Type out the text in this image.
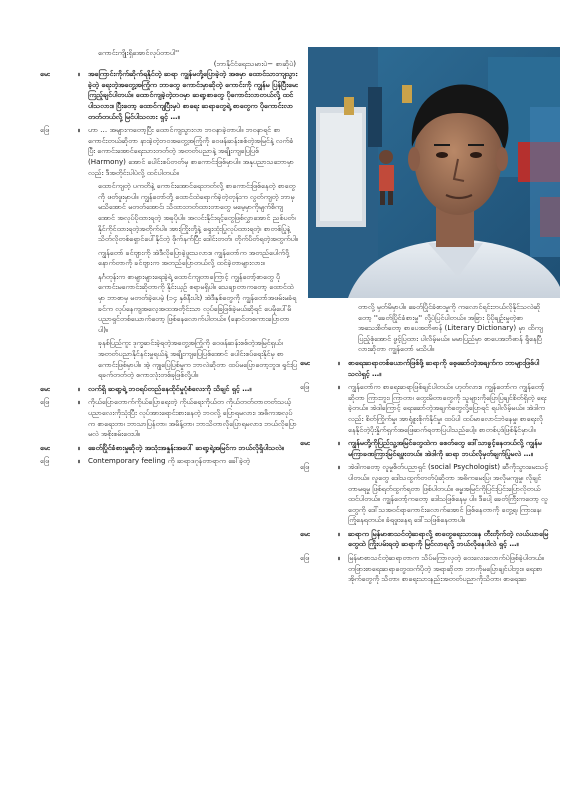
ကောင်းကျိုးရှိအောင်လုပ်တာပါ''
(ဘာနိုင်ငံရေးသမားပဲ− စာဆိုပဲ)
မေး	။ အကြောင်းကိုက်ဆိုက်ရနိုင်တဲ့ ဆရာ ကျွန်မတို့ပြောခဲ့တဲ့ အစမှာ ထောင်သားကျသွားခဲ့တဲ့ ရေးတဲ့အတွေ့အကြုံက ဘာတွေ ကောင်းမှာဆိုတဲ့ ကောင်းကို ကျွန်မ ပြန်ပြီးမေးကြည့်ချင်ပါတယ်။ ထောင်ကျခဲ့တဲ့ဘဝမှာ ဆရာ့စာတွေ ပိုကောင်းလာတယ်လို့ ထင်ပါသလား။ ပြီးတော့ ထောင်ကျပြီးမှပဲ စာရေး ဆရာတွေရဲ့ စာတွေက ပိုကောင်းလာတတ်တယ်လို့ မြင်ပါသလား ရှင့် …။
ဖြေ	။ ဟာ … အများကတော့ပြီး ထောင်ကျသွားလာ ဘဝနာခဲ့တာပါ။ ဘဝနာရင် စာကောင်းတယ်ဆိုတာ နားခဲ့တဲ့ဘဝအတွေ့အကြုံကို ဝေဖန်ဆန်းစစ်တဲ့အမြင်နဲ့ လက်ခံပြီး ကောင်းအောင်ရေးသားတတ်တဲ့ အတတ်ပညာနဲ့ အချိုးကျပြေပြစ် (Harmony) အောင် ပေါင်းစပ်တတ်မှ စာကောင်းဖြစ်မှာပါ။ အနုပညာသဘောမှာလည်း ဒီအတိုင်းပါပဲလို့ ထင်ပါတယ်။
ထောင်ကျတဲ့ ပကတိနဲ့ ကောင်းအောင်ရေးတတ်လို့ စာကောင်းဖြစ်နေတဲ့ စာတွေကို ဖတ်ဖူးမှာပါ။ ကျွန်တော်တို့ ထောင်ထဲရောက်ခဲ့တဲ့တုန်းက လွတ်ကျတဲ့ ဘာမှမသိအောင် မတတ်အောင်၊ သိထားတတ်ထားတာတွေ မမေ့မှာကိုမျက်စိကျအောင် အလုပ်ပိုထားရတဲ့ အခုပိုပါ။ အလင်းနိုင်းရင့်တွေဖြစ်လွှာအောင် ညစ်ပတ်၊ နိုင်ကိုင်ထားရတဲ့အတိုက်ပါ။ အားကြိုးတို့နဲ့ ရှေးထုံးပြုလုပ်ထားရတဲ့၊ စာတစ်ပြုနဲ့ သိတ်လိုတစ်ရှောင်ပေါ်နိုင်တဲ့ ဖိုက်နက်ပြီး ဒေါင်းတတ်၊ တိုက်ပိတ်ရတဲ့အတွက်ပါ။
ကျွန်တော် ခင်ဗျားကို အဲဒီလိုပြောခဲ့ဖူးသလား။ ကျွန်တော်က အတည်ပေါက်ဝို့ နောက်တာကို ခင်ဗျားက အတည်ပြောတယ်လို့ ထင်ခဲ့တာများလား။
နင်္ဂတုန်းက စာများများရေးခဲ့ရဲ့ ထောင်ကျတာကြောင့် ကျွန်တော့်စာတွေ ပိုကောင်းမကောင်းဆိုတာကို နိုင်းယှဉ် စရာမရှိပါ။ သေချာတာကတော့ ထောင်ထဲမှာ ဘာစာမှ မတတ်ခဲ့ပေမဲ့ (၁၄ နှစ်နီးပါး) အဲဒီနှစ်တွေကို ကျွန်တော်အဖမ်းမခံရခင်က လုပ်နေကျအလေ့အထအတိုင်းသာ လုပ်ခြေဖြစ်ခဲ့မယ်ဆိုရင် ပေမိုပေါ်မိပညာရှင်တစ်ယောက်တော့ ဖြစ်နေလောက်ပါတယ်။ (နောင်တစကားပြောတာပါ)။
ခုနစ်ပြည်ကူး ဒုက္ခဆင်းခဲ့ရတဲ့အတွေ့အကြုံကို ဝေဖန်ဆန်းစစ်တဲ့အမြင်ရှယ်၊ အတတ်ပညာနိုင်နင်းမှုရယ်နဲ့ အချိုးကျပြေပြစ်အောင် ပေါင်းစပ်ရေးနိုင်မှ စာကောင်းဖြစ်မှာပါ။ အဲ့ ကျုပြေပြစ်မှုက ဘာလဲဆိုတာ ထပ်မပြောတော့ဘူး။ ရှင်းပြရခက်တတ်တဲ့ စကားလုံးတစ်ခုဖြစ်လို့ပါ။
မေး	။ လက်ရှိ ဆရာ့ရဲ့ ဘဝရပ်တည်နေထိုင်မှုပုံစံလေးကို သိချင် ရှင့် …။
ဖြေ	။ ကိုယ်ပြောတောက်ကိုယ်ပြောရေးတဲ့ ကိုယ်ရေးကိုယ်တ ကိုယ်တတ်တာတတ်သယ့်ပညာလေးကိုသုံးပြီး လုပ်အားရောင်းစားနေတဲ့ ဘဝလို့ ပြောရမလား၊ အဓိကအလုပ်က စာရေးတာ၊ ဘာသာပြန်တာ၊ အမိန့်တာ၊ ဘာသိတာလိုပြောရမလား၊ ဘယ်လိုပြောမလဲ အစိုးစမ်းဝေးပါ။
မေး	။ ခေတ်ပြိုင်ခံစားမှုဆိုတဲ့ အသုံးအနှုန်းအပေါ် ဆရာ့ရဲ့အမြင်က ဘယ်လိုရှိပါသလဲ။
ဖြေ	။ Contemporary feeling ကို ဆရာဒဂုန်တာရာက ခေါ်ခဲ့တဲ့
တာလို့ မှတ်မိမှာပါ။ ခေတ်ပြိုင်ခံစားမှုကို ကလောင်ရင်းဘယ်လိုနိုင်သလဲဆိုတော့ ''ခေတ်ပြိုင်ခံစားမှု'' လို့ပဲပြင်ပါတယ်။ အခြား ပိုပိုချဉ်းမှုတဲ့စာ အသေးစိတ်တော့ စာပေအဘိဓာန် (Literary Dictionary) မှာ ထိကျပြည့်စုံအောင် ဖွင့်ပြထား ပါလိမ့်မယ်။ မမာပြည်မှာ စာပေအဘိဓာန် ရှိနေပြီလားဆိုတာ ကျွန်တော် မသိပါ။
မေး	။ စာရေးဆရာတစ်ယောက်ဖြစ်ဖို့ ဆရာကို စေ့ဆော်တဲ့အချက်က ဘာများဖြစ်ပါသလဲရှင့် …။
ဖြေ	။ ကျွန်တော်က စာရေးဆရာဖြစ်ချင်ပါတယ်။ ဟုတ်လား။ ကျွန်တော်က ကျွန်တော့်ဆိုတာ ကြားဘူး၊ ကြာတာ၊ တွေးမိတာတွေကို သူများကိုပြောပြချင်စိတ်ရှိတဲ့ ရေးခဲ့တယ်။ အဲဒါကြောင့် ရေးဆော်တဲ့အချက်တွေလို့ပြောရင် ရပါလိမ့်မယ်။ အဲဒါကလည်း စိတ်ကြိုက်မှု၊ အာရုံစူးစိုက်နိုင်မှု၊ ထပ်ပါ ထပ်မာလောင်ဘဲနေမှု၊ စာရေးလိုနေနိုင်တဲ့ပိုးနှိုက်ရှက်အဖြေဆက်ရတာပြပါသည်ပေါ့။ စာတစ်ပုဒ်ဖြစ်နိုင်မှာပါ။
မေး	။ ကျွန်မတို့ကိုပြည်သူ့အမြင်တွေထဲက စေတ်တွေ ဒေါ်သာခွင့်နေတယ်လို့ ကျွန်မ မကြာခဏကြားမြင်ရဖူးတယ်။ အဲဒါကို ဆရာ ဘယ်လိုမှတ်ချက်ပြုမလဲ …။
ဖြေ	။ အဲဒါကတော့ လူမှုစိတ်ပညာရှင် (social Psychologist) ဆီကိုသွားမေးသင့်ပါတယ်။ လူတွေ ဒေါသထွက်တတ်ပုံဆိုတာ အဓိကမေးပြ၊ အလိုမကျမှု၊ လိုချင်တာမရမှု ဖြစ်ရတ်ထွက်ရတာ ဖြစ်ပါတယ်။ ဓမ္မအမြင်ကိုပြင်းပြင်းပြောလိုတယ် ထင်ပါတယ်။ ကျွန်တော့်ကတော့ ဒေါသဖြစ်နေမှ ပါ။ ဒီပေါ့ ခေတ်ကြီးကတော့ လူတွေကို ဒေါ်သအဝင်ရာကောင်းလောက်အောင် ဖြစ်နေတာကို တွေ့ရ၊ ကြားနေ၊ ကြုံနေရတယ်။ ခံရဖူးနေရ ဒေါ်သဖြစ်နေတာပါ။
မေး	။ ဆရာက မြန်မာစာသင်တဲ့ဆရာလို့ စာတွေရေးသားနေ တီးတိုက်တဲ့ လယ်ယာမြေတွေထဲ ကြိုးပမ်းရတဲ့ ဆရာကို မြင်လာရလို့ ဘယ်လိုနေပါလဲ ရှင့် …။
ဖြေ	။ မြန်မာစာသင်တဲ့ဆရာတာက သိပ်မကြာလှတဲ့ ဝေးလေးလောက်ပဲဖြစ်ခဲ့ပါတယ်။ တဖြားစာရေးဆရာတွေထက်ပိုတဲ့ အရာဆိုတာ ဘာကိုမပြောချင်ပါဘူး။ ရေးစာအိုက်တွေကို သိတာ၊ စာရေးသားနည်းအတတ်ပညာကိုသိတာ၊ စာရေးဆ
